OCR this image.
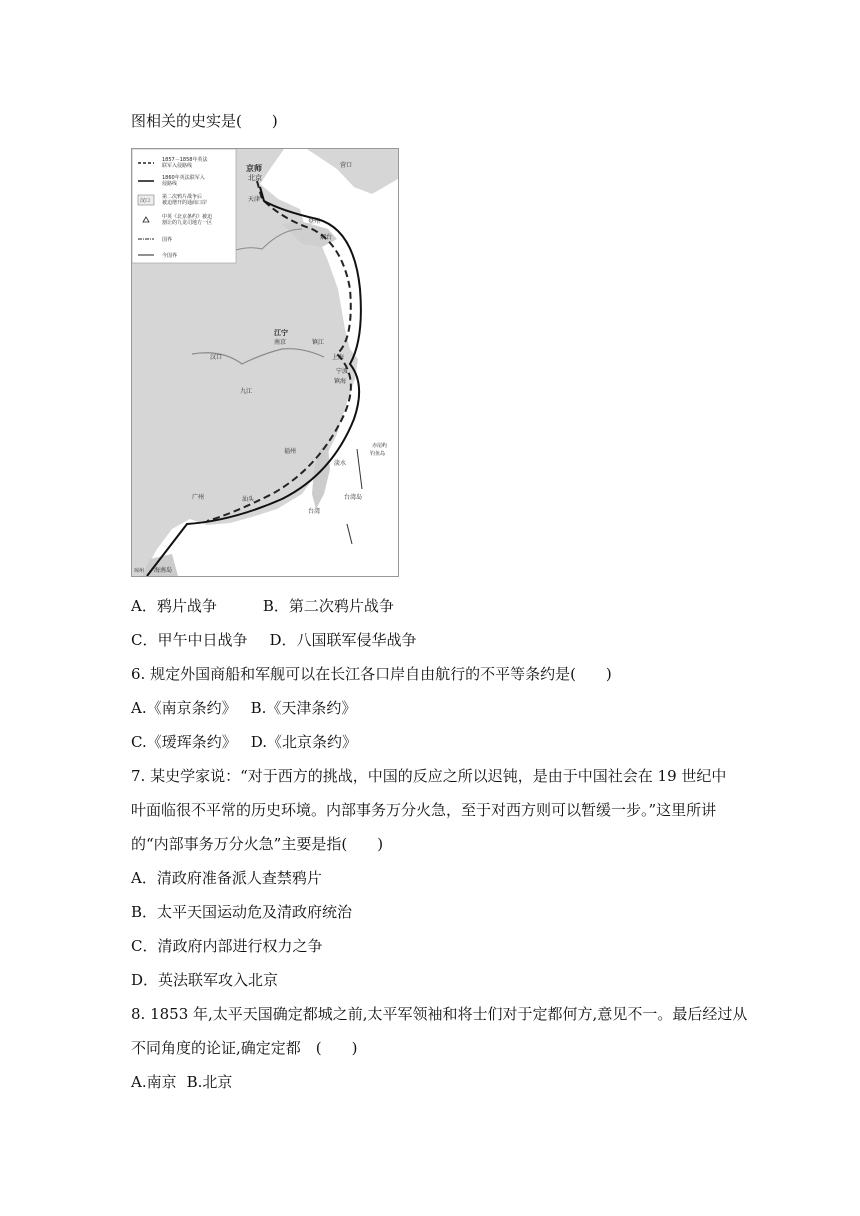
图相关的史实是(　　)
1857－1858年英法
联军入侵路线
1860年英法联军入
侵路线
汉口
第二次鸦片战争后
被迫增开的通商口岸
中英《北京条约》被迫
割让的九龙司地方一区
国界
今国界
京师
北京
营口
天津
登州
烟台
江宁
南京	镇江
汉口
九江
上海
宁波
镇海
福州
淡水
钓鱼岛
赤尾屿
台湾岛
台湾
广州	汕头
琼州 海南岛
A．鸦片战争	B．第二次鸦片战争
C．甲午中日战争 D．八国联军侵华战争
6. 规定外国商船和军舰可以在长江各口岸自由航行的不平等条约是(　　)
A.《南京条约》 B.《天津条约》
C.《瑷珲条约》 D.《北京条约》
7. 某史学家说：“对于西方的挑战，中国的反应之所以迟钝，是由于中国社会在 19 世纪中
叶面临很不平常的历史环境。内部事务万分火急，至于对西方则可以暂缓一步。”这里所讲
的“内部事务万分火急”主要是指(　　)
A．清政府准备派人查禁鸦片
B．太平天国运动危及清政府统治
C．清政府内部进行权力之争
D．英法联军攻入北京
8. 1853 年,太平天国确定都城之前,太平军领袖和将士们对于定都何方,意见不一。最后经过从
不同角度的论证,确定定都　(　　)
A.南京 B.北京
